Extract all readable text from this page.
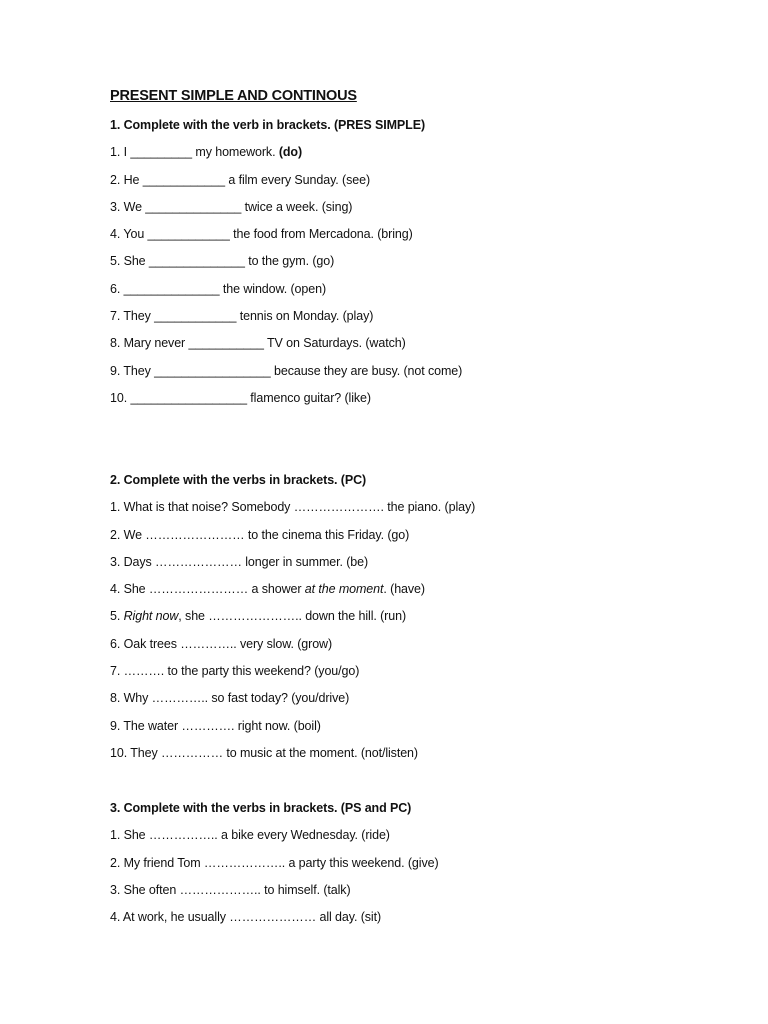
PRESENT SIMPLE AND CONTINOUS
1. Complete with the verb in brackets. (PRES SIMPLE)
1. I _________ my homework. (do)
2. He ____________ a film every Sunday. (see)
3. We ______________ twice a week. (sing)
4. You ____________ the food from Mercadona. (bring)
5. She ______________ to the gym. (go)
6. ______________ the window. (open)
7. They ____________ tennis on Monday. (play)
8. Mary never ___________ TV on Saturdays. (watch)
9. They _________________ because they are busy. (not come)
10. _________________ flamenco guitar? (like)
2. Complete with the verbs in brackets. (PC)
1. What is that noise? Somebody …………………. the piano. (play)
2. We …………………… to the cinema this Friday. (go)
3. Days ………………… longer in summer. (be)
4. She …………………… a shower at the moment. (have)
5. Right now, she ………………….. down the hill. (run)
6. Oak trees ………….. very slow. (grow)
7. ………. to the party this weekend? (you/go)
8. Why ………….. so fast today? (you/drive)
9. The water …………. right now. (boil)
10. They …………… to music at the moment. (not/listen)
3. Complete with the verbs in brackets. (PS and PC)
1. She …………….. a bike every Wednesday. (ride)
2. My friend Tom ……………….. a party this weekend. (give)
3. She often ……………….. to himself. (talk)
4. At work, he usually ………………… all day. (sit)
